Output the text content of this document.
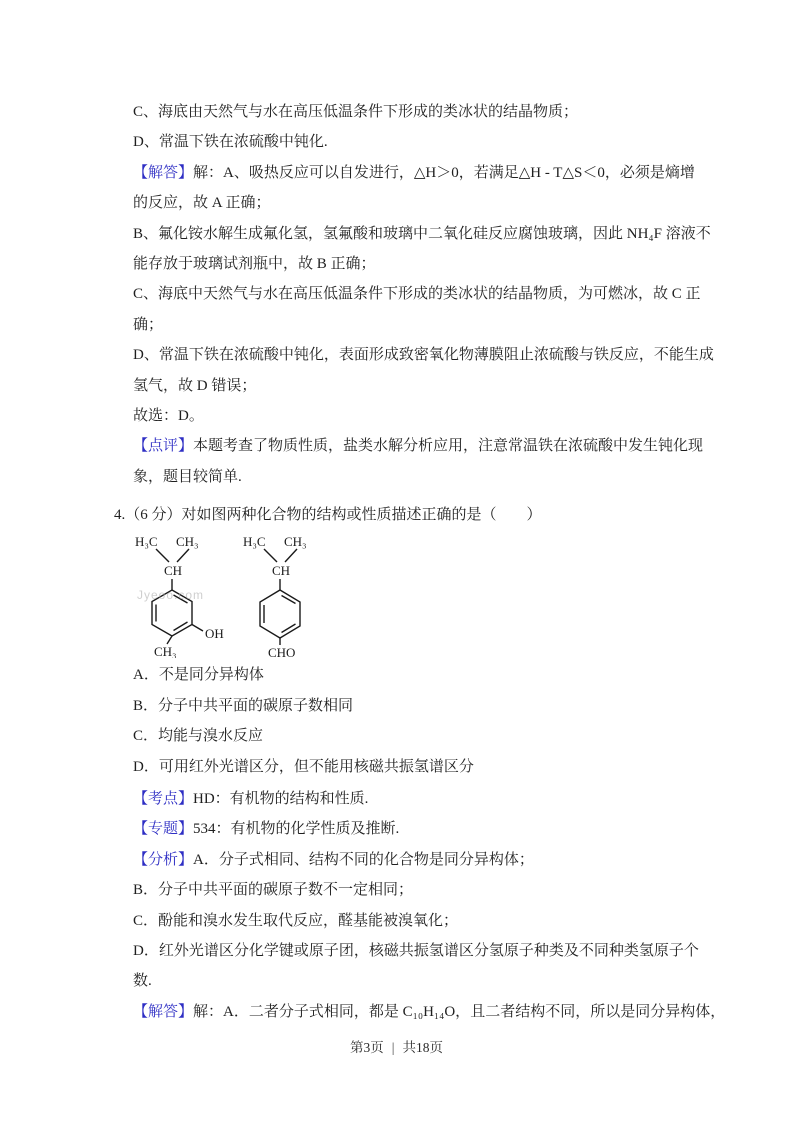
C、海底由天然气与水在高压低温条件下形成的类冰状的结晶物质；
D、常温下铁在浓硫酸中钝化.
【解答】解：A、吸热反应可以自发进行，△H＞0，若满足△H - T△S＜0，必须是熵增
的反应，故 A 正确；
B、氟化铵水解生成氟化氢，氢氟酸和玻璃中二氧化硅反应腐蚀玻璃，因此 NH₄F 溶液不
能存放于玻璃试剂瓶中，故 B 正确；
C、海底中天然气与水在高压低温条件下形成的类冰状的结晶物质，为可燃冰，故 C 正
确；
D、常温下铁在浓硫酸中钝化，表面形成致密氧化物薄膜阻止浓硫酸与铁反应，不能生成
氢气，故 D 错误；
故选：D。
【点评】本题考查了物质性质，盐类水解分析应用，注意常温铁在浓硫酸中发生钝化现
象，题目较简单.
4.（6 分）对如图两种化合物的结构或性质描述正确的是（　　）
Jyeoo.com
H₃C CH₃
CH
OH
CH₃
H₃C CH₃
CH
CHO
A．不是同分异构体
B．分子中共平面的碳原子数相同
C．均能与溴水反应
D．可用红外光谱区分，但不能用核磁共振氢谱区分
【考点】HD：有机物的结构和性质.
【专题】534：有机物的化学性质及推断.
【分析】A．分子式相同、结构不同的化合物是同分异构体；
B．分子中共平面的碳原子数不一定相同；
C．酚能和溴水发生取代反应，醛基能被溴氧化；
D．红外光谱区分化学键或原子团，核磁共振氢谱区分氢原子种类及不同种类氢原子个
数.
【解答】解：A．二者分子式相同，都是 C₁₀H₁₄O，且二者结构不同，所以是同分异构体，
第3页 | 共18页
